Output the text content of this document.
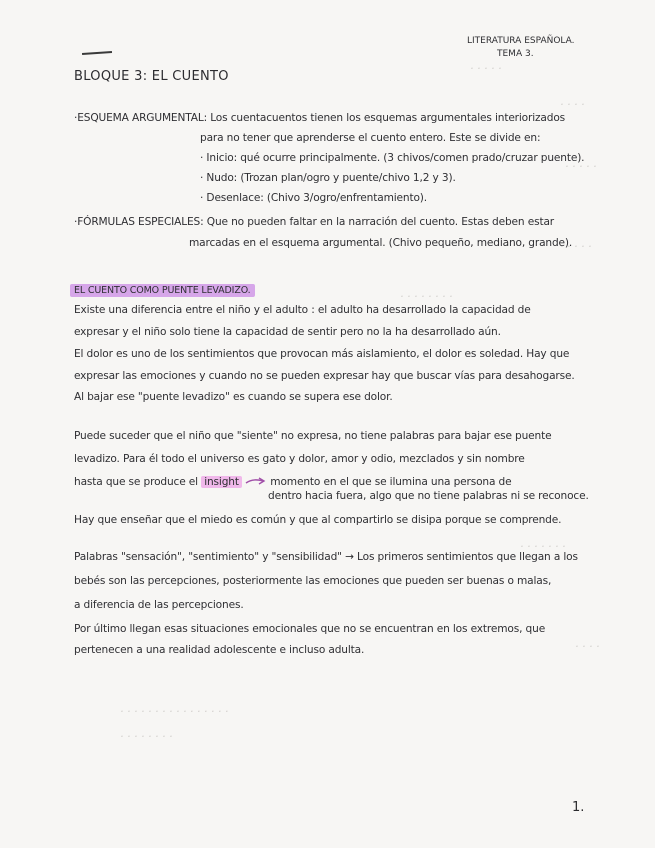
· · · · ·
· · · ·
· · · · ·
· · · · ·
· · · · · · · ·
· · · · · · ·
· · · ·
· · · · · · · · · · · · · · · ·
· · · · · · · ·
LITERATURA ESPAÑOLA.
TEMA 3.
BLOQUE 3: EL CUENTO
·ESQUEMA ARGUMENTAL: Los cuentacuentos tienen los esquemas argumentales interiorizados
para no tener que aprenderse el cuento entero. Este se divide en:
· Inicio: qué ocurre principalmente. (3 chivos/comen prado/cruzar puente).
· Nudo: (Trozan plan/ogro y puente/chivo 1,2 y 3).
· Desenlace: (Chivo 3/ogro/enfrentamiento).
·FÓRMULAS ESPECIALES: Que no pueden faltar en la narración del cuento. Estas deben estar
marcadas en el esquema argumental. (Chivo pequeño, mediano, grande).
EL CUENTO COMO PUENTE LEVADIZO.
Existe una diferencia entre el niño y el adulto : el adulto ha desarrollado la capacidad de
expresar y el niño solo tiene la capacidad de sentir pero no la ha desarrollado aún.
El dolor es uno de los sentimientos que provocan más aislamiento, el dolor es soledad. Hay que
expresar las emociones y cuando no se pueden expresar hay que buscar vías para desahogarse.
Al bajar ese "puente levadizo" es cuando se supera ese dolor.
Puede suceder que el niño que "siente" no expresa, no tiene palabras para bajar ese puente
levadizo. Para él todo el universo es gato y dolor, amor y odio, mezclados y sin nombre
hasta que se produce el insight	momento en el que se ilumina una persona de
dentro hacia fuera, algo que no tiene palabras ni se reconoce.
Hay que enseñar que el miedo es común y que al compartirlo se disipa porque se comprende.
Palabras "sensación", "sentimiento" y "sensibilidad" → Los primeros sentimientos que llegan a los
bebés son las percepciones, posteriormente las emociones que pueden ser buenas o malas,
a diferencia de las percepciones.
Por último llegan esas situaciones emocionales que no se encuentran en los extremos, que
pertenecen a una realidad adolescente e incluso adulta.
1.
